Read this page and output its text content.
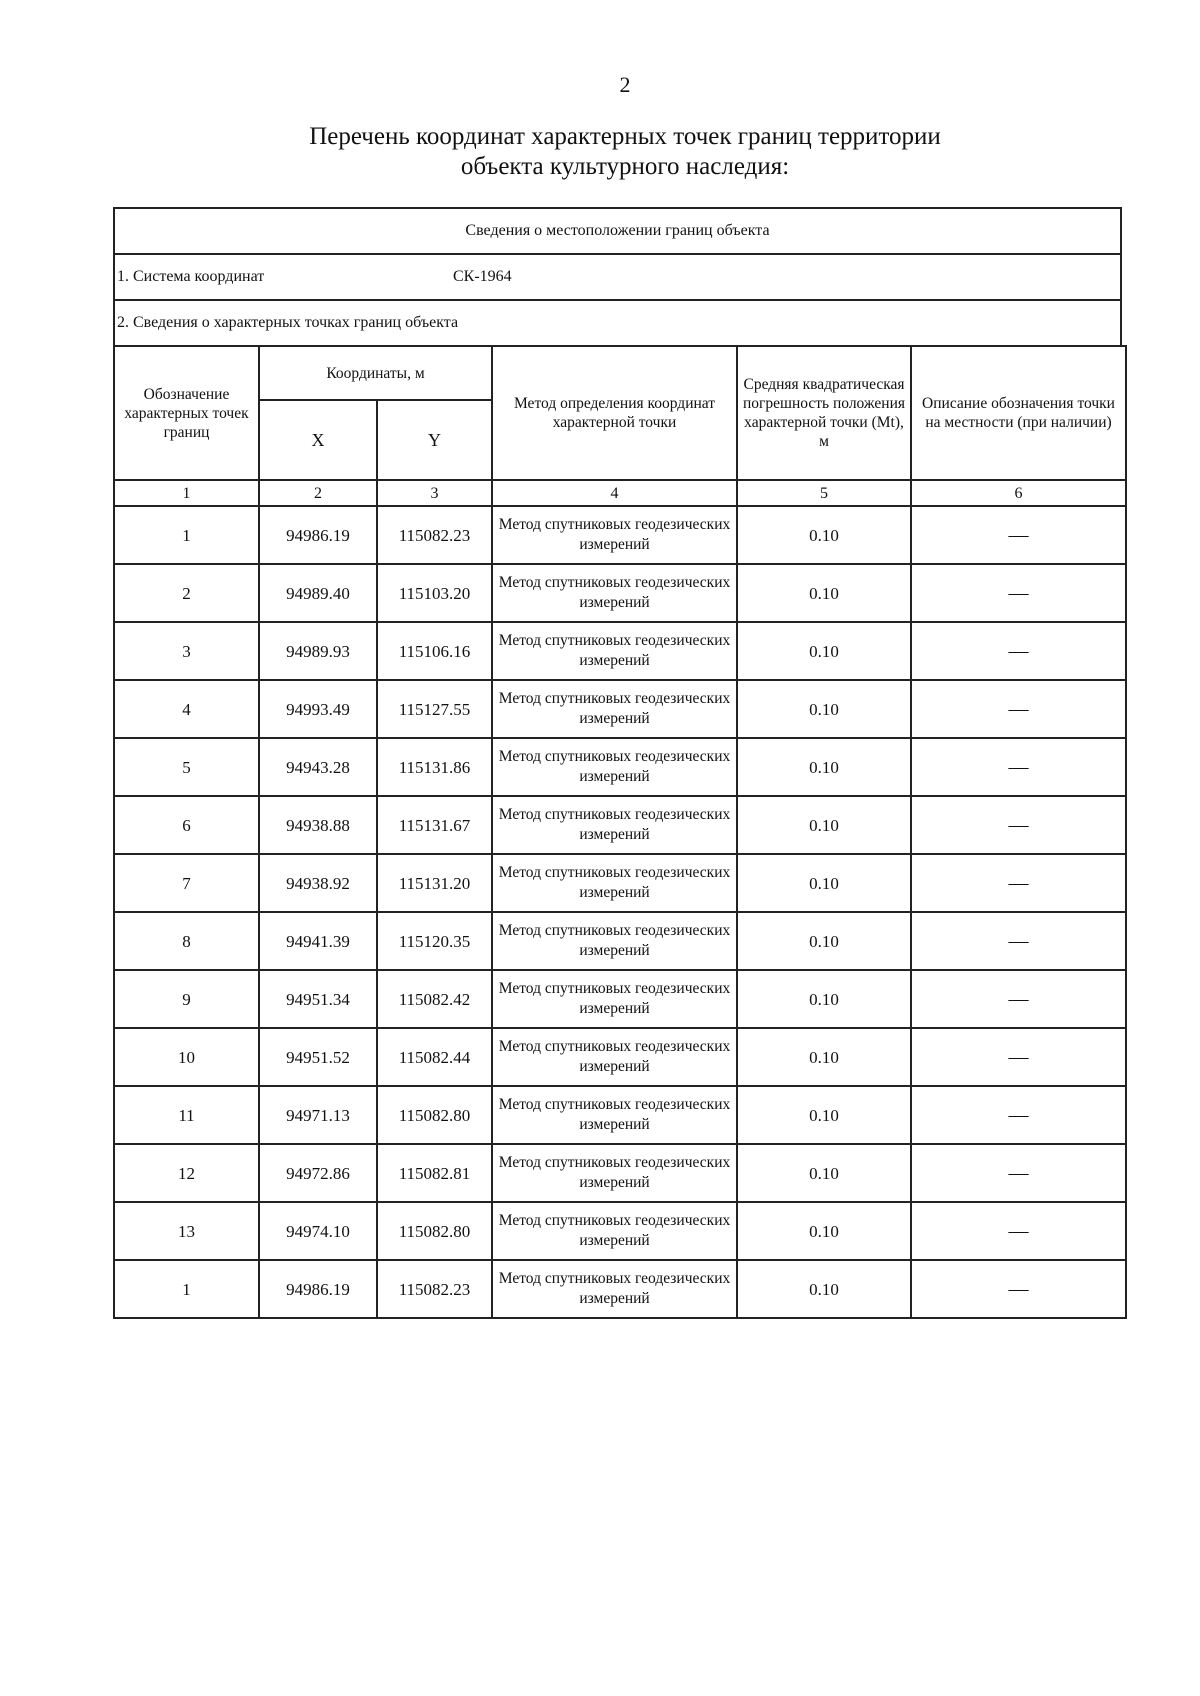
2
Перечень координат характерных точек границ территории
объекта культурного наследия:
Сведения о местоположении границ объекта
1. Система координат	СК-1964
2. Сведения о характерных точках границ объекта
Обозначение характерных точек границ	Координаты, м		Метод определения координат характерной точки	Средняя квадратическая погрешность положения характерной точки (Mt), м	Описание обозначения точки на местности (при наличии)
	X	Y			
1	2	3	4	5	6
1	94986.19	115082.23	Метод спутниковых геодезических измерений	0.10	—
2	94989.40	115103.20	Метод спутниковых геодезических измерений	0.10	—
3	94989.93	115106.16	Метод спутниковых геодезических измерений	0.10	—
4	94993.49	115127.55	Метод спутниковых геодезических измерений	0.10	—
5	94943.28	115131.86	Метод спутниковых геодезических измерений	0.10	—
6	94938.88	115131.67	Метод спутниковых геодезических измерений	0.10	—
7	94938.92	115131.20	Метод спутниковых геодезических измерений	0.10	—
8	94941.39	115120.35	Метод спутниковых геодезических измерений	0.10	—
9	94951.34	115082.42	Метод спутниковых геодезических измерений	0.10	—
10	94951.52	115082.44	Метод спутниковых геодезических измерений	0.10	—
11	94971.13	115082.80	Метод спутниковых геодезических измерений	0.10	—
12	94972.86	115082.81	Метод спутниковых геодезических измерений	0.10	—
13	94974.10	115082.80	Метод спутниковых геодезических измерений	0.10	—
1	94986.19	115082.23	Метод спутниковых геодезических измерений	0.10	—
